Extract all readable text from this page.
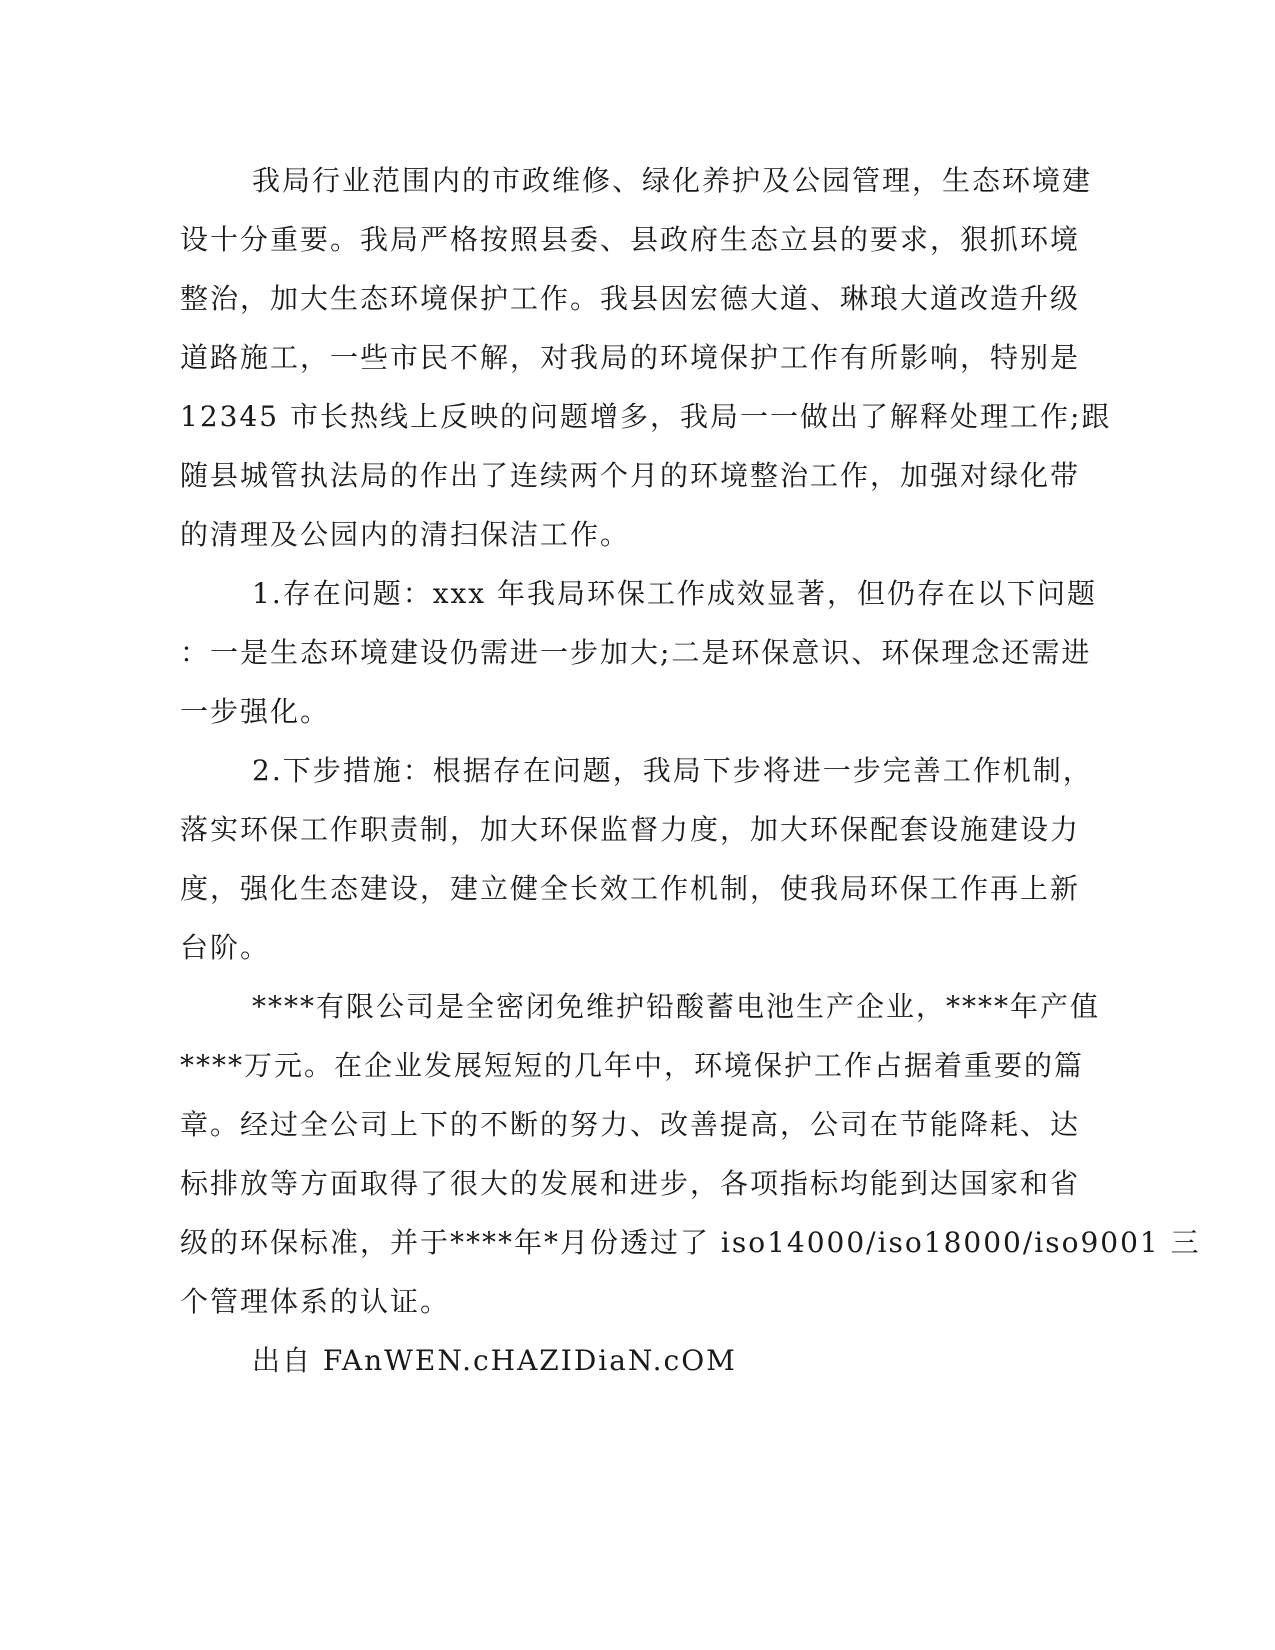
我局行业范围内的市政维修、绿化养护及公园管理，生态环境建
设十分重要。我局严格按照县委、县政府生态立县的要求，狠抓环境
整治，加大生态环境保护工作。我县因宏德大道、琳琅大道改造升级
道路施工，一些市民不解，对我局的环境保护工作有所影响，特别是
12345 市长热线上反映的问题增多，我局一一做出了解释处理工作;跟
随县城管执法局的作出了连续两个月的环境整治工作，加强对绿化带
的清理及公园内的清扫保洁工作。
1.存在问题：xxx 年我局环保工作成效显著，但仍存在以下问题
：一是生态环境建设仍需进一步加大;二是环保意识、环保理念还需进
一步强化。
2.下步措施：根据存在问题，我局下步将进一步完善工作机制，
落实环保工作职责制，加大环保监督力度，加大环保配套设施建设力
度，强化生态建设，建立健全长效工作机制，使我局环保工作再上新
台阶。
****有限公司是全密闭免维护铅酸蓄电池生产企业，****年产值
****万元。在企业发展短短的几年中，环境保护工作占据着重要的篇
章。经过全公司上下的不断的努力、改善提高，公司在节能降耗、达
标排放等方面取得了很大的发展和进步，各项指标均能到达国家和省
级的环保标准，并于****年*月份透过了 iso14000/iso18000/iso9001 三
个管理体系的认证。
出自 FAnWEN.cHAZIDiaN.cOM
